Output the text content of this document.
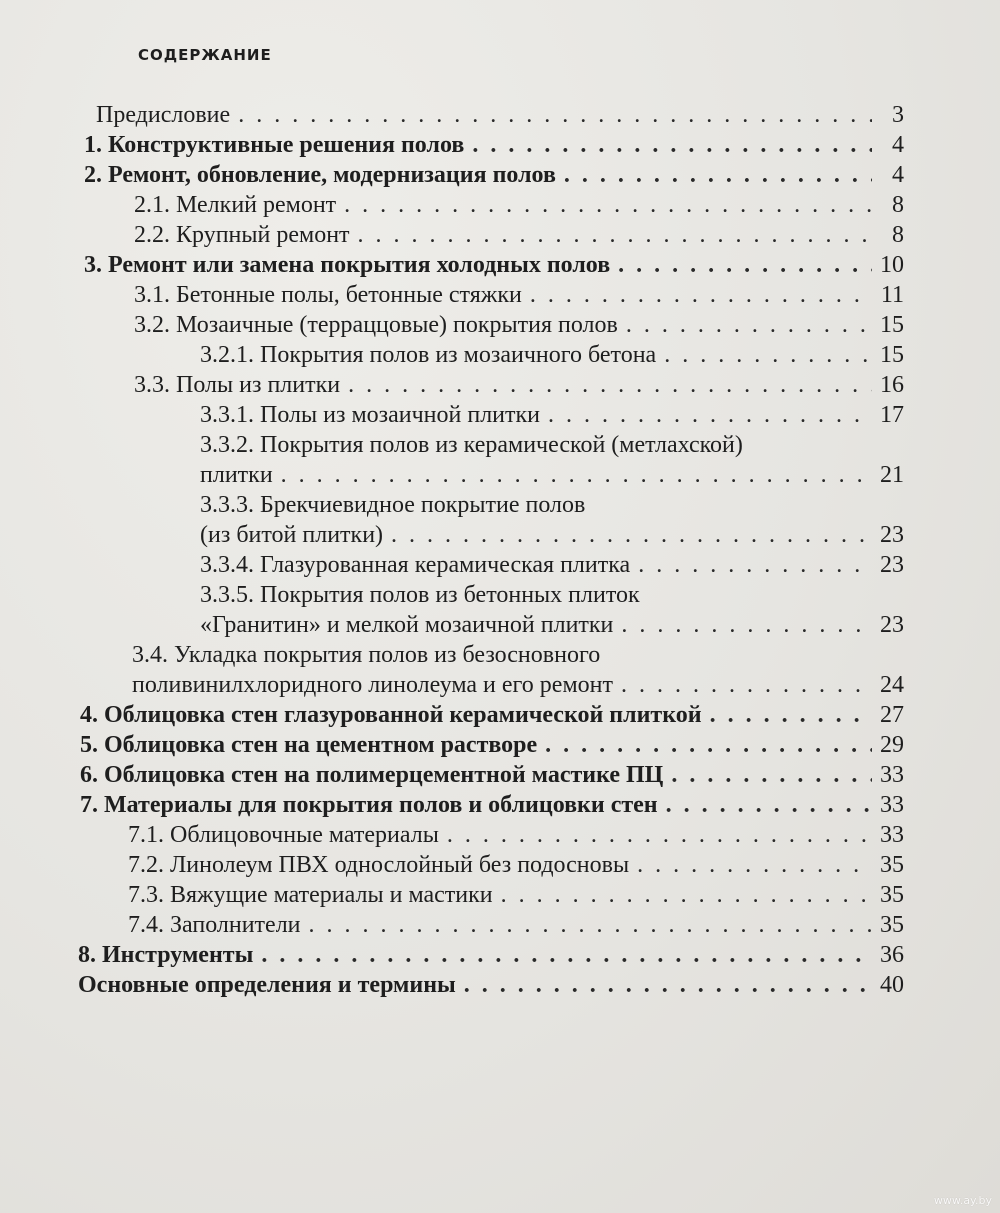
СОДЕРЖАНИЕ
Предисловие . . .	3
1. Конструктивные решения полов . . .	4
2. Ремонт, обновление, модернизация полов . . .	4
2.1. Мелкий ремонт . . .	8
2.2. Крупный ремонт . . .	8
3. Ремонт или замена покрытия холодных полов . . .	10
3.1. Бетонные полы, бетонные стяжки . . .	11
3.2. Мозаичные (терраццовые) покрытия полов . . .	15
3.2.1. Покрытия полов из мозаичного бетона . . .	15
3.3. Полы из плитки . . .	16
3.3.1. Полы из мозаичной плитки . . .	17
3.3.2. Покрытия полов из керамической (метлахской)
плитки . . .	21
3.3.3. Брекчиевидное покрытие полов
(из битой плитки) . . .	23
3.3.4. Глазурованная керамическая плитка . . .	23
3.3.5. Покрытия полов из бетонных плиток
«Гранитин» и мелкой мозаичной плитки . . .	23
3.4. Укладка покрытия полов из безосновного
поливинилхлоридного линолеума и его ремонт . . .	24
4. Облицовка стен глазурованной керамической плиткой . . .	27
5. Облицовка стен на цементном растворе . . .	29
6. Облицовка стен на полимерцементной мастике ПЦ . . .	33
7. Материалы для покрытия полов и облицовки стен . . .	33
7.1. Облицовочные материалы . . .	33
7.2. Линолеум ПВХ однослойный без подосновы . . .	35
7.3. Вяжущие материалы и мастики . . .	35
7.4. Заполнители . . .	35
8. Инструменты . . .	36
Основные определения и термины . . .	40
www.ay.by
